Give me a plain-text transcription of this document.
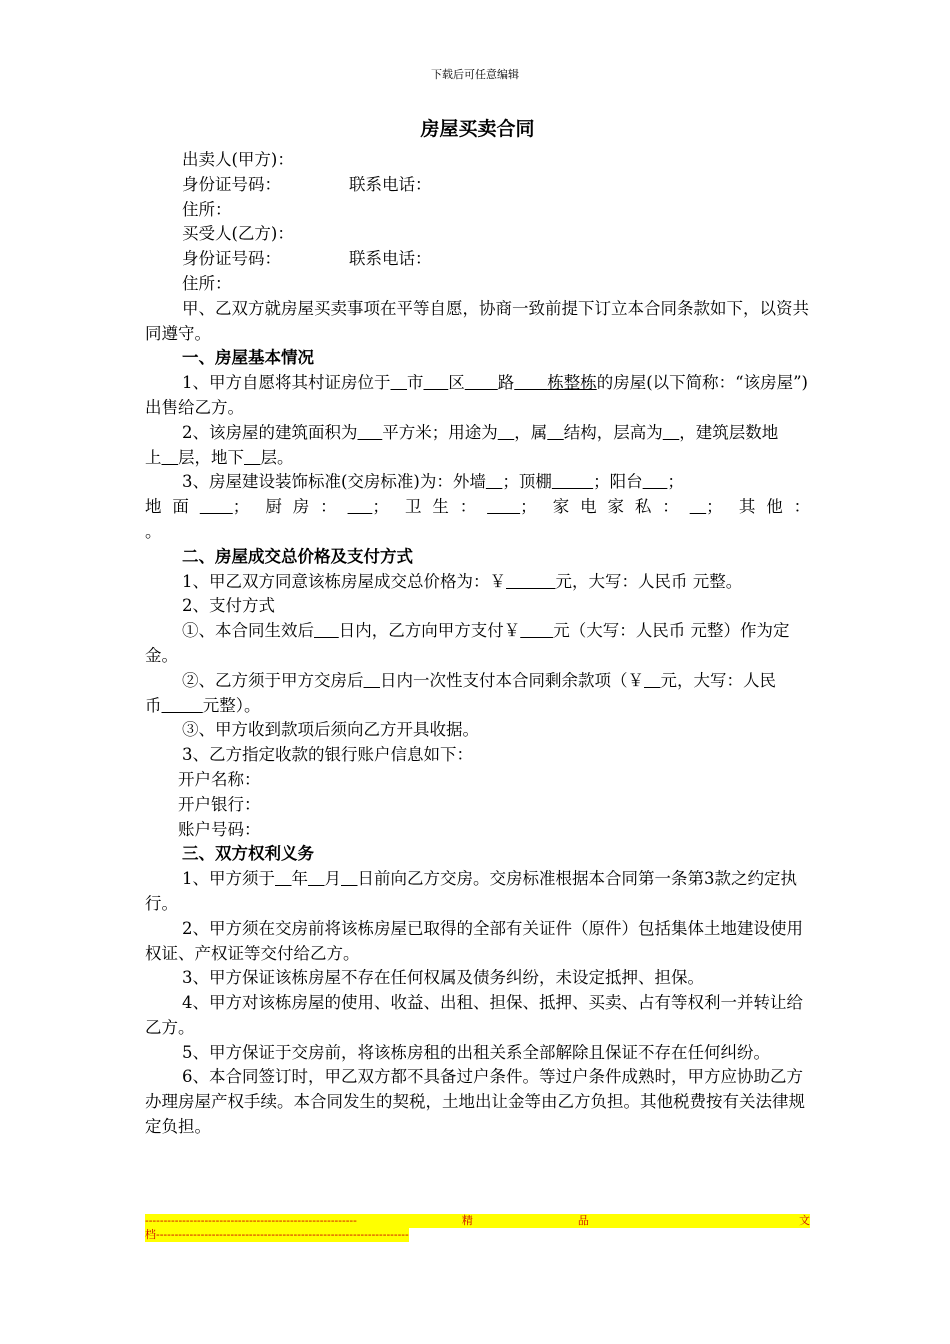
下载后可任意编辑
房屋买卖合同

出卖人(甲方)：

身份证号码：	联系电话：

住所：

买受人(乙方)：

身份证号码：	联系电话：

住所：

甲、乙双方就房屋买卖事项在平等自愿，协商一致前提下订立本合同条款如下，以资共同遵守。

一、房屋基本情况

1、甲方自愿将其村证房位于   市    区     路     栋整栋的房屋(以下简称：“该房屋”)出售给乙方。

2、该房屋的建筑面积为    平方米；用途为   ，属   结构，层高为   ，建筑层数地上   层，地下   层。

3、房屋建设装饰标准(交房标准)为：外墙   ；顶棚     	；阳台    ；

地面     ； 厨房：    ； 卫生：     ； 家电家私：   ； 其他：

。

二、房屋成交总价格及支付方式

1、甲乙双方同意该栋房屋成交总价格为：￥      	元，大写：人民币 元整。

2、支付方式

①、本合同生效后    日内，乙方向甲方支付￥     元（大写：人民币 元整）作为定金。

②、乙方须于甲方交房后   日内一次性支付本合同剩余款项（￥   元，大写：人民币     	元整）。

③、甲方收到款项后须向乙方开具收据。

3、乙方指定收款的银行账户信息如下：

开户名称：

开户银行：

账户号码：

三、双方权利义务

1、甲方须于   年   月   日前向乙方交房。交房标准根据本合同第一条第3款之约定执行。

2、甲方须在交房前将该栋房屋已取得的全部有关证件（原件）包括集体土地建设使用权证、产权证等交付给乙方。

3、甲方保证该栋房屋不存在任何权属及债务纠纷，未设定抵押、担保。

4、甲方对该栋房屋的使用、收益、出租、担保、抵押、买卖、占有等权利一并转让给乙方。

5、甲方保证于交房前，将该栋房租的出租关系全部解除且保证不存在任何纠纷。

6、本合同签订时，甲乙双方都不具备过户条件。等过户条件成熟时，甲方应协助乙方办理房屋产权手续。本合同发生的契税，土地出让金等由乙方负担。其他税费按有关法律规定负担。

---------------------------------------------------------	精	品	文
档--------------------------------------------------------------------
